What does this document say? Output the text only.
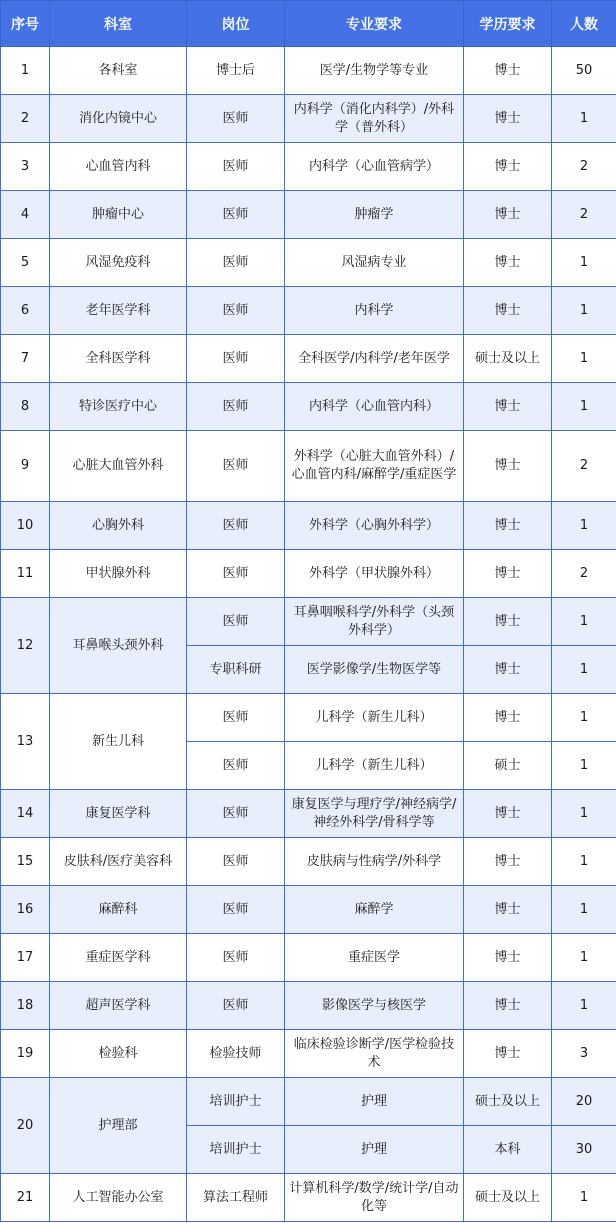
序号	科室	岗位	专业要求	学历要求	人数
1	各科室	博士后	医学/生物学等专业	博士	50
2	消化内镜中心	医师	内科学（消化内科学）/外科学（普外科）	博士	1
3	心血管内科	医师	内科学（心血管病学）	博士	2
4	肿瘤中心	医师	肿瘤学	博士	2
5	风湿免疫科	医师	风湿病专业	博士	1
6	老年医学科	医师	内科学	博士	1
7	全科医学科	医师	全科医学/内科学/老年医学	硕士及以上	1
8	特诊医疗中心	医师	内科学（心血管内科）	博士	1
9	心脏大血管外科	医师	外科学（心脏大血管外科）/心血管内科/麻醉学/重症医学	博士	2
10	心胸外科	医师	外科学（心胸外科学）	博士	1
11	甲状腺外科	医师	外科学（甲状腺外科）	博士	2
12	耳鼻喉头颈外科	医师	耳鼻咽喉科学/外科学（头颈外科学）	博士	1
		专职科研	医学影像学/生物医学等	博士	1
13	新生儿科	医师	儿科学（新生儿科）	博士	1
		医师	儿科学（新生儿科）	硕士	1
14	康复医学科	医师	康复医学与理疗学/神经病学/神经外科学/骨科学等	博士	1
15	皮肤科/医疗美容科	医师	皮肤病与性病学/外科学	博士	1
16	麻醉科	医师	麻醉学	博士	1
17	重症医学科	医师	重症医学	博士	1
18	超声医学科	医师	影像医学与核医学	博士	1
19	检验科	检验技师	临床检验诊断学/医学检验技术	博士	3
20	护理部	培训护士	护理	硕士及以上	20
		培训护士	护理	本科	30
21	人工智能办公室	算法工程师	计算机科学/数学/统计学/自动化等	硕士及以上	1
